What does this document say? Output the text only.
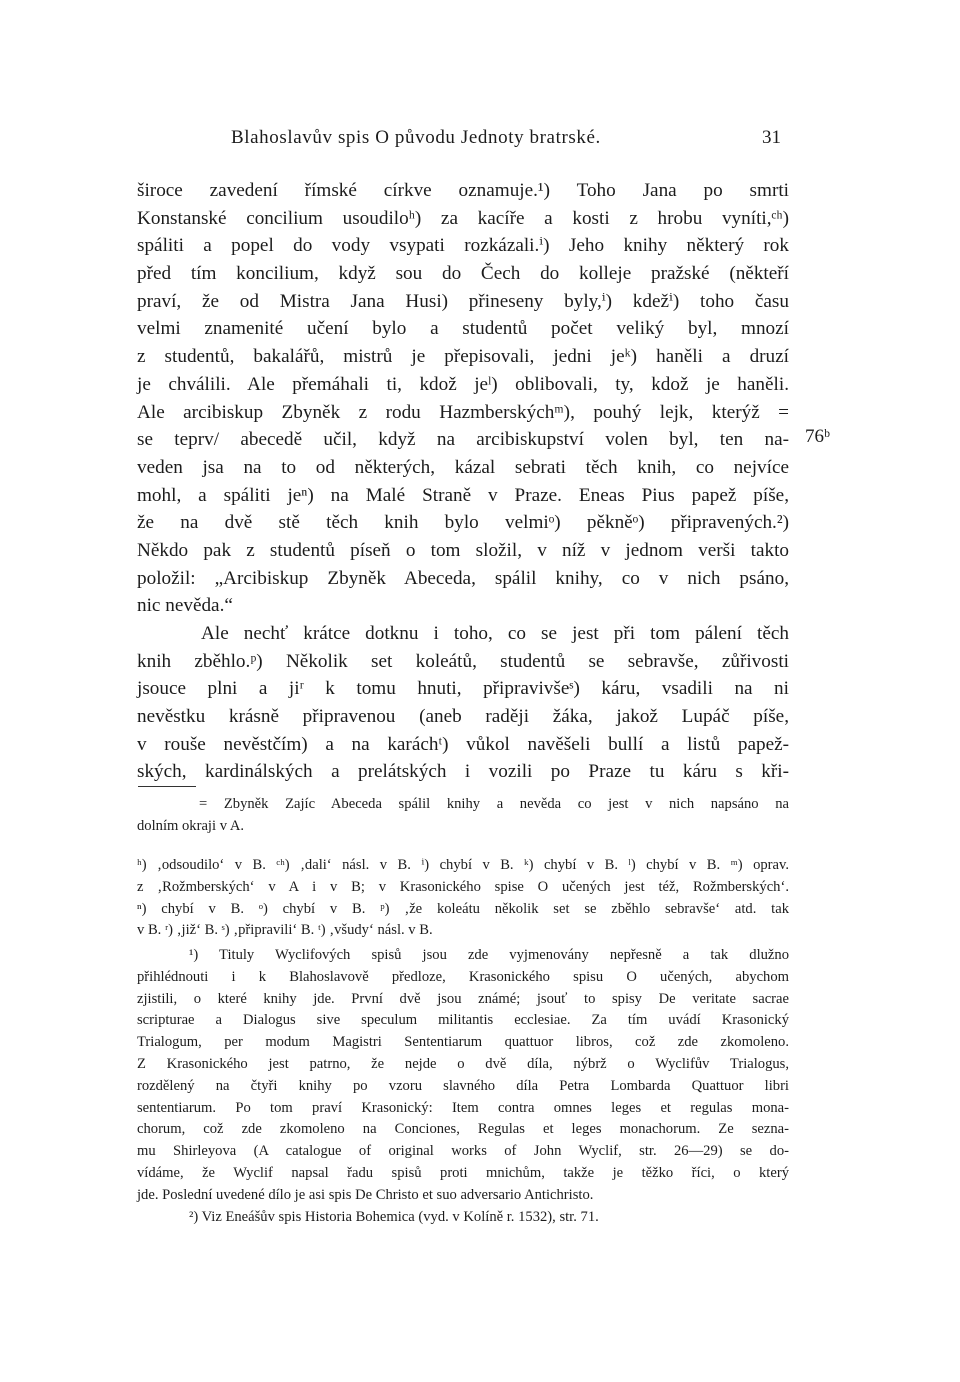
Blahoslavův spis O původu Jednoty bratrské.	31
široce zavedení římské církve oznamuje.¹) Toho Jana po smrti
Konstanské concilium usoudiloʰ) za kacíře a kosti z hrobu vyníti,ᶜʰ)
spáliti a popel do vody vsypati rozkázali.ⁱ) Jeho knihy některý rok
před tím koncilium, když sou do Čech do kolleje pražské (někteří
praví, že od Mistra Jana Husi) přineseny byly,ⁱ) kdežⁱ) toho času
velmi znamenité učení bylo a studentů počet veliký byl, mnozí
z studentů, bakalářů, mistrů je přepisovali, jedni jeᵏ) haněli a druzí
je chválili. Ale přemáhali ti, kdož jeˡ) oblibovali, ty, kdož je haněli.
Ale arcibiskup Zbyněk z rodu Hazmberskýchᵐ), pouhý lejk, kterýž =
se teprv/ abecedě učil, když na arcibiskupství volen byl, ten na-
veden jsa na to od některých, kázal sebrati těch knih, co nejvíce
mohl, a spáliti jeⁿ) na Malé Straně v Praze. Eneas Pius papež píše,
že na dvě stě těch knih bylo velmiᵒ) pěkněᵒ) připravených.²)
Někdo pak z studentů píseň o tom složil, v níž v jednom verši takto
položil: „Arcibiskup Zbyněk Abeceda, spálil knihy, co v nich psáno,
nic nevěda.“
Ale nechť krátce dotknu i toho, co se jest při tom pálení těch
knih zběhlo.ᵖ) Několik set koleátů, studentů se sebravše, zůřivosti
jsouce plni a jiʳ k tomu hnuti, připravivšeˢ) káru, vsadili na ni
nevěstku krásně připravenou (aneb raději žáka, jakož Lupáč píše,
v rouše nevěstčím) a na karáchᵗ) vůkol navěšeli bullí a listů papež-
ských, kardinálských a prelátských i vozili po Praze tu káru s kři-
76ᵇ
= Zbyněk Zajíc Abeceda spálil knihy a nevěda co jest v nich napsáno na
dolním okraji v A.
ʰ) ‚odsoudilo‘ v B. ᶜʰ) ‚dali‘ násl. v B. ⁱ) chybí v B. ᵏ) chybí v B. ˡ) chybí v B. ᵐ) oprav.
z ‚Rožmberských‘ v A i v B; v Krasonického spise O učených jest též, Rožmberských‘.
ⁿ) chybí v B. ᵒ) chybí v B. ᵖ) ‚že koleátu několik set se zběhlo sebravše‘ atd. tak
v B. ʳ) ‚již‘ B. ˢ) ‚připravili‘ B. ᵗ) ‚všudy‘ násl. v B.
¹) Tituly Wyclifových spisů jsou zde vyjmenovány nepřesně a tak dlužno
přihlédnouti i k Blahoslavově předloze, Krasonického spisu O učených, abychom
zjistili, o které knihy jde. První dvě jsou známé; jsouť to spisy De veritate sacrae
scripturae a Dialogus sive speculum militantis ecclesiae. Za tím uvádí Krasonický
Trialogum, per modum Magistri Sententiarum quattuor libros, což zde zkomoleno.
Z Krasonického jest patrno, že nejde o dvě díla, nýbrž o Wyclifův Trialogus,
rozdělený na čtyři knihy po vzoru slavného díla Petra Lombarda Quattuor libri
sententiarum. Po tom praví Krasonický: Item contra omnes leges et regulas mona-
chorum, což zde zkomoleno na Conciones, Regulas et leges monachorum. Ze sezna-
mu Shirleyova (A catalogue of original works of John Wyclif, str. 26—29) se do-
vídáme, že Wyclif napsal řadu spisů proti mnichům, takže je těžko říci, o který
jde. Poslední uvedené dílo je asi spis De Christo et suo adversario Antichristo.
²) Viz Eneášův spis Historia Bohemica (vyd. v Kolíně r. 1532), str. 71.
